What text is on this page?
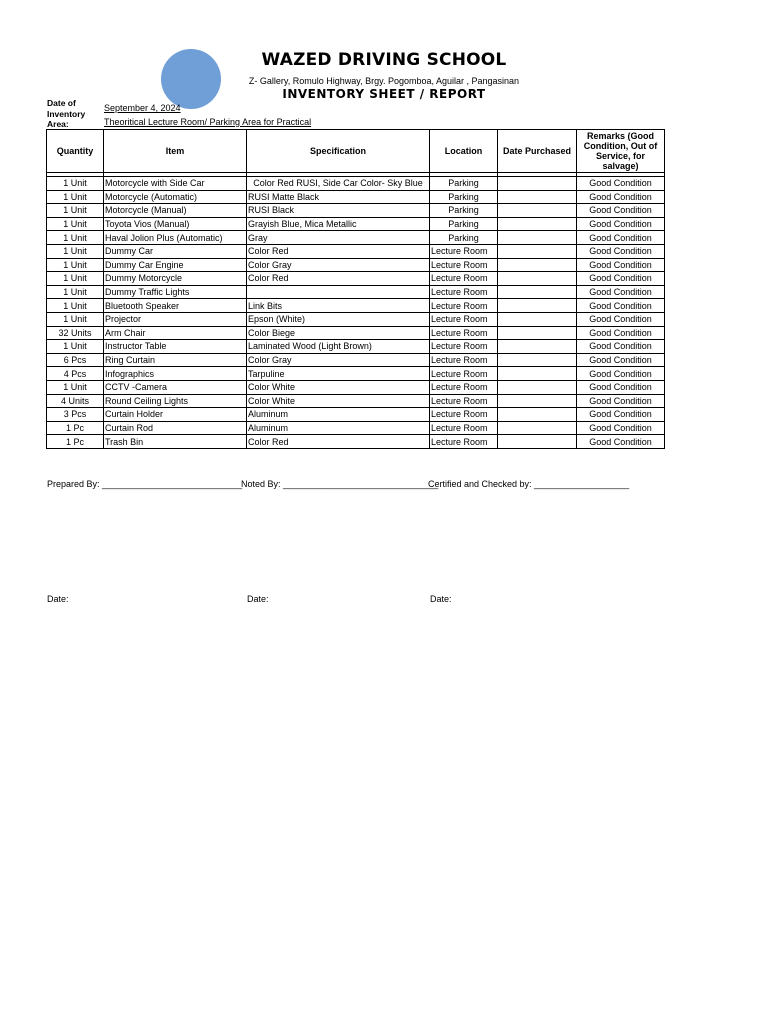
WAZED DRIVING SCHOOL
Z- Gallery, Romulo Highway, Brgy. Pogomboa, Aguilar , Pangasinan
INVENTORY SHEET / REPORT
Date of Inventory Area:
September 4, 2024
Theoritical Lecture Room/ Parking Area for Practical
Quantity	Item	Specification	Location	Date Purchased	Remarks (Good Condition, Out of Service, for salvage)

1 Unit	Motorcycle with Side Car	Color Red RUSI, Side Car Color- Sky Blue	Parking		Good Condition
1 Unit	Motorcycle (Automatic)	RUSI Matte Black	Parking		Good Condition
1 Unit	Motorcycle (Manual)	RUSI Black	Parking		Good Condition
1 Unit	Toyota Vios (Manual)	Grayish Blue, Mica Metallic	Parking		Good Condition
1 Unit	Haval Jolion Plus (Automatic)	Gray	Parking		Good Condition
1 Unit	Dummy Car	Color Red	Lecture Room		Good Condition
1 Unit	Dummy Car Engine	Color Gray	Lecture Room		Good Condition
1 Unit	Dummy Motorcycle	Color Red	Lecture Room		Good Condition
1 Unit	Dummy Traffic Lights		Lecture Room		Good Condition
1 Unit	Bluetooth Speaker	Link Bits	Lecture Room		Good Condition
1 Unit	Projector	Epson (White)	Lecture Room		Good Condition
32 Units	Arm Chair	Color Biege	Lecture Room		Good Condition
1 Unit	Instructor Table	Laminated Wood (Light Brown)	Lecture Room		Good Condition
6 Pcs	Ring Curtain	Color Gray	Lecture Room		Good Condition
4 Pcs	Infographics	Tarpuline	Lecture Room		Good Condition
1 Unit	CCTV -Camera	Color White	Lecture Room		Good Condition
4 Units	Round Ceiling Lights	Color White	Lecture Room		Good Condition
3 Pcs	Curtain Holder	Aluminum	Lecture Room		Good Condition
1 Pc	Curtain Rod	Aluminum	Lecture Room		Good Condition
1 Pc	Trash Bin	Color Red	Lecture Room		Good Condition
Prepared By: ____________________________
Noted By: _______________________________
Certified and Checked by: ___________________
Date:	Date:	Date:
